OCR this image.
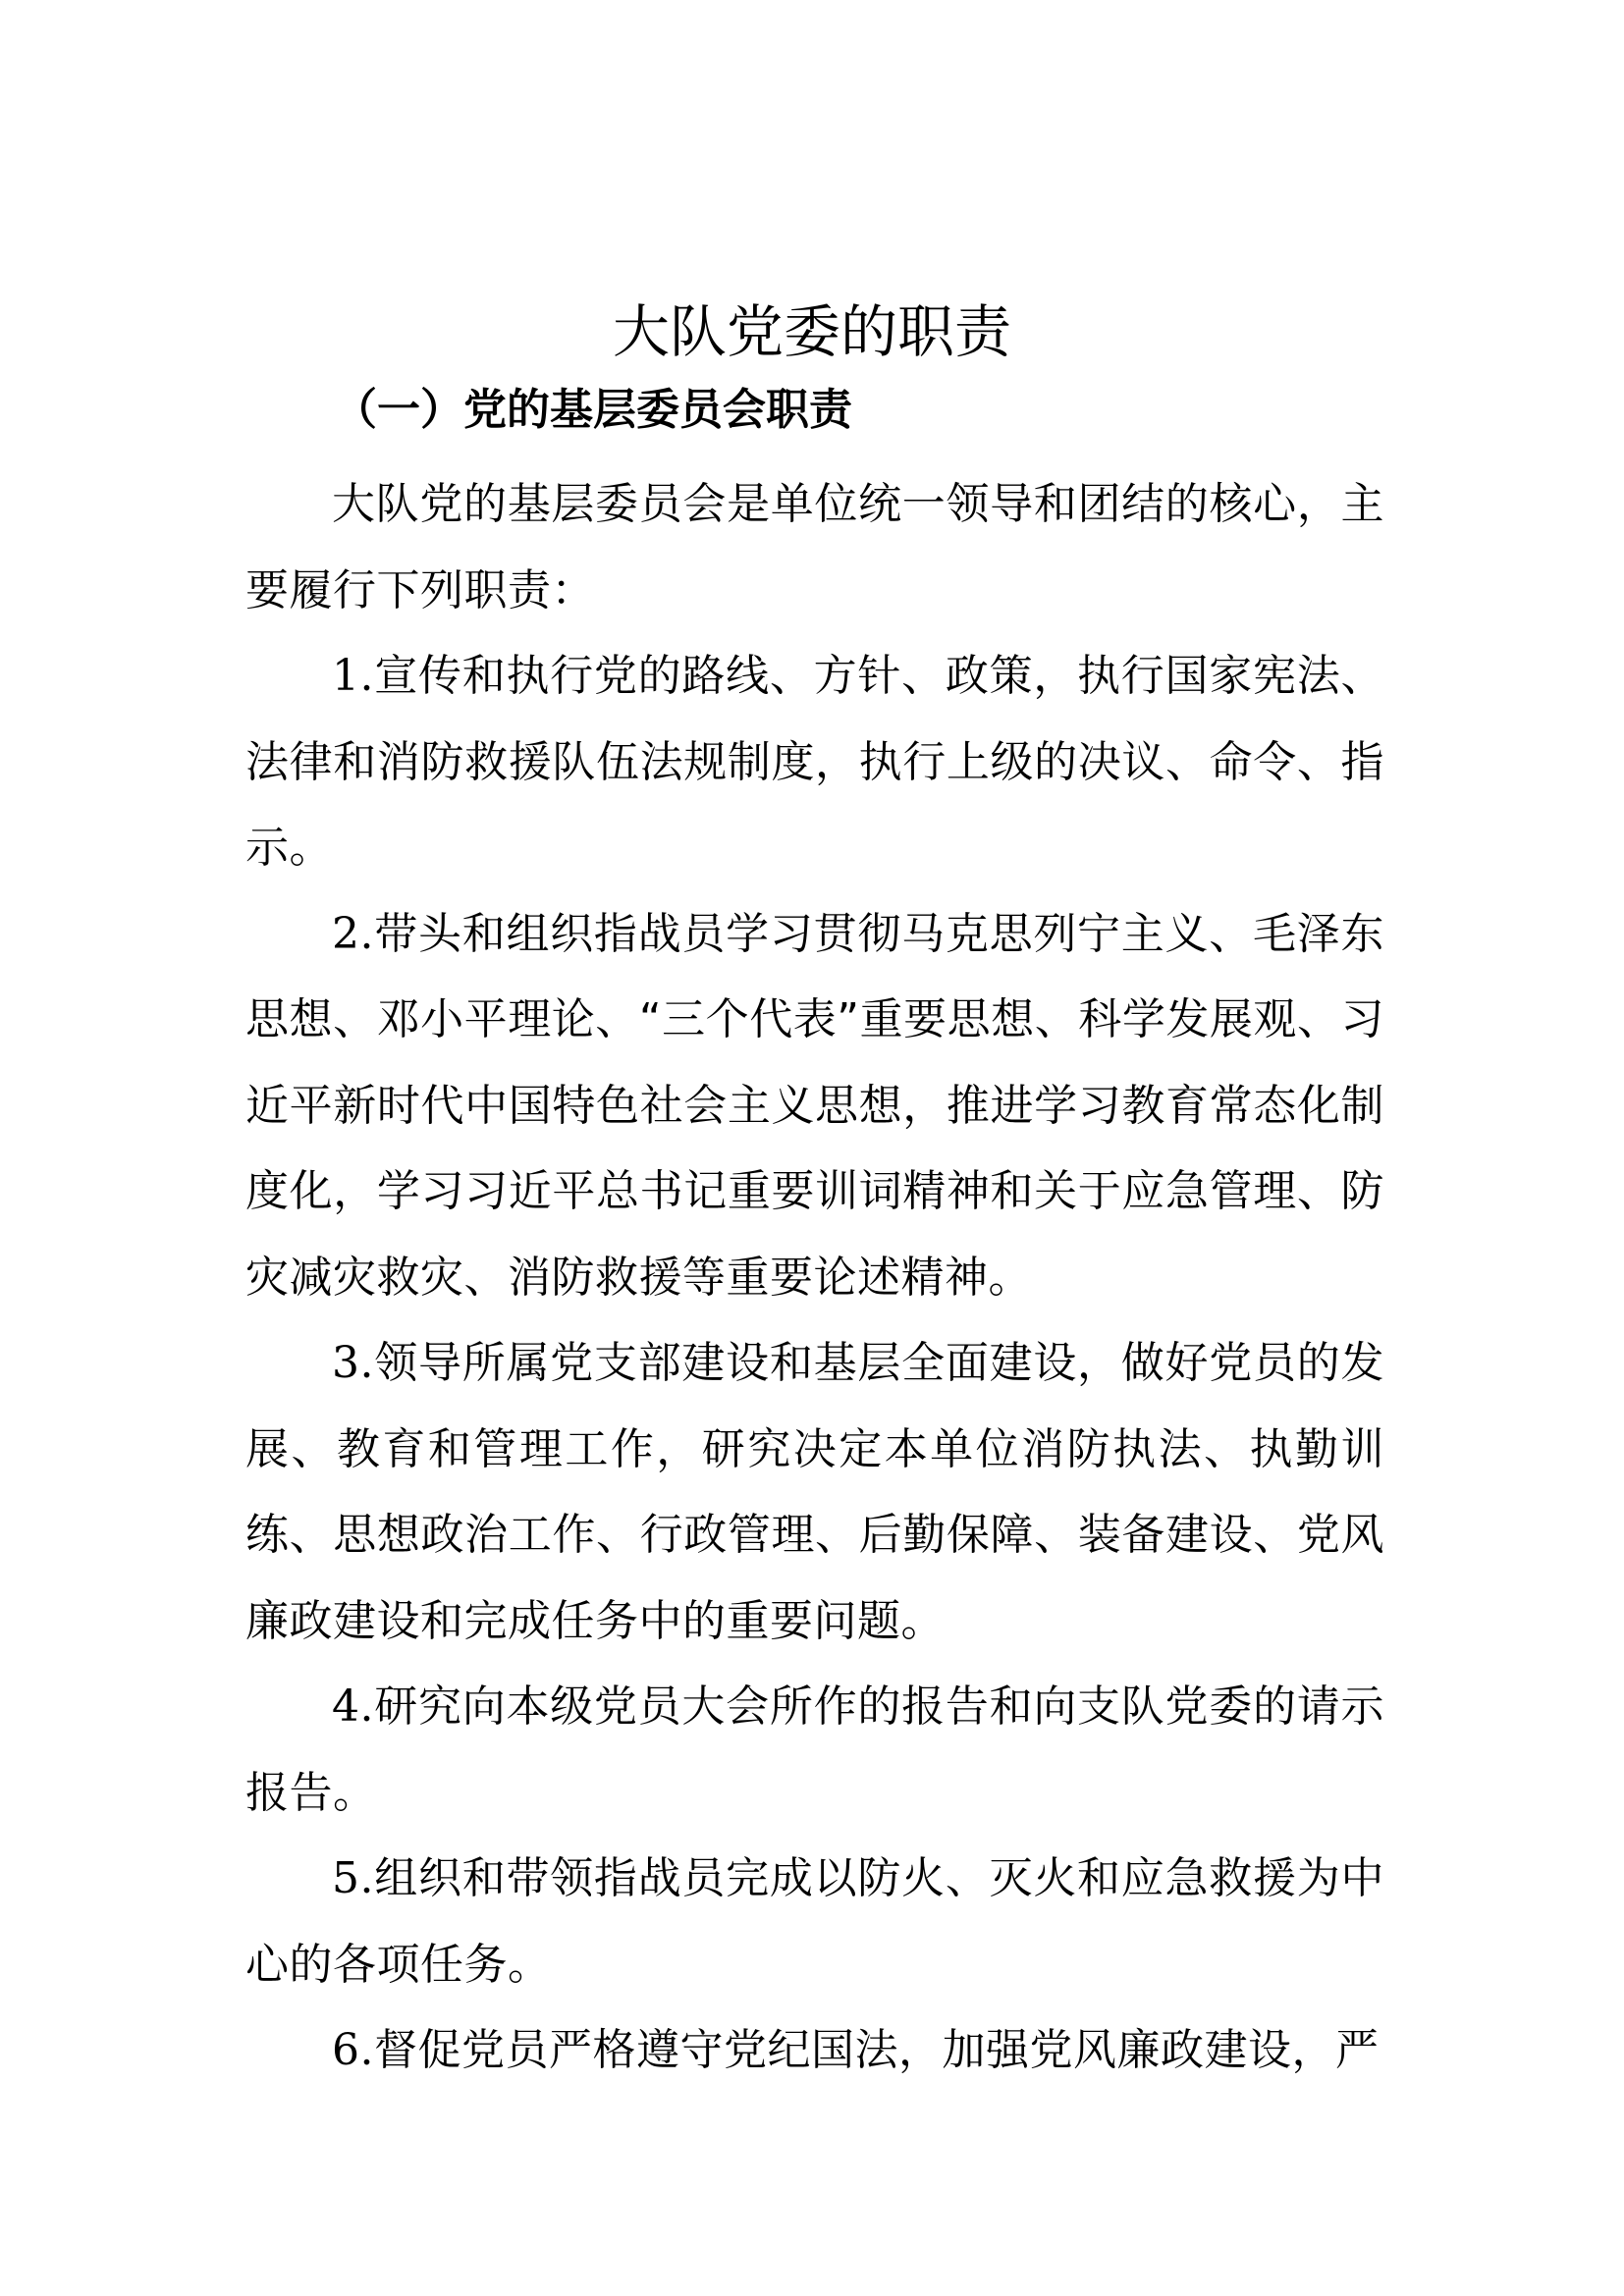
大队党委的职责
（一）党的基层委员会职责

大队党的基层委员会是单位统一领导和团结的核心，主要履行下列职责：

1.宣传和执行党的路线、方针、政策，执行国家宪法、法律和消防救援队伍法规制度，执行上级的决议、命令、指示。

2.带头和组织指战员学习贯彻马克思列宁主义、毛泽东思想、邓小平理论、“三个代表”重要思想、科学发展观、习近平新时代中国特色社会主义思想，推进学习教育常态化制度化，学习习近平总书记重要训词精神和关于应急管理、防灾减灾救灾、消防救援等重要论述精神。

3.领导所属党支部建设和基层全面建设，做好党员的发展、教育和管理工作，研究决定本单位消防执法、执勤训练、思想政治工作、行政管理、后勤保障、装备建设、党风廉政建设和完成任务中的重要问题。

4.研究向本级党员大会所作的报告和向支队党委的请示报告。

5.组织和带领指战员完成以防火、灭火和应急救援为中心的各项任务。

6.督促党员严格遵守党纪国法，加强党风廉政建设，严
